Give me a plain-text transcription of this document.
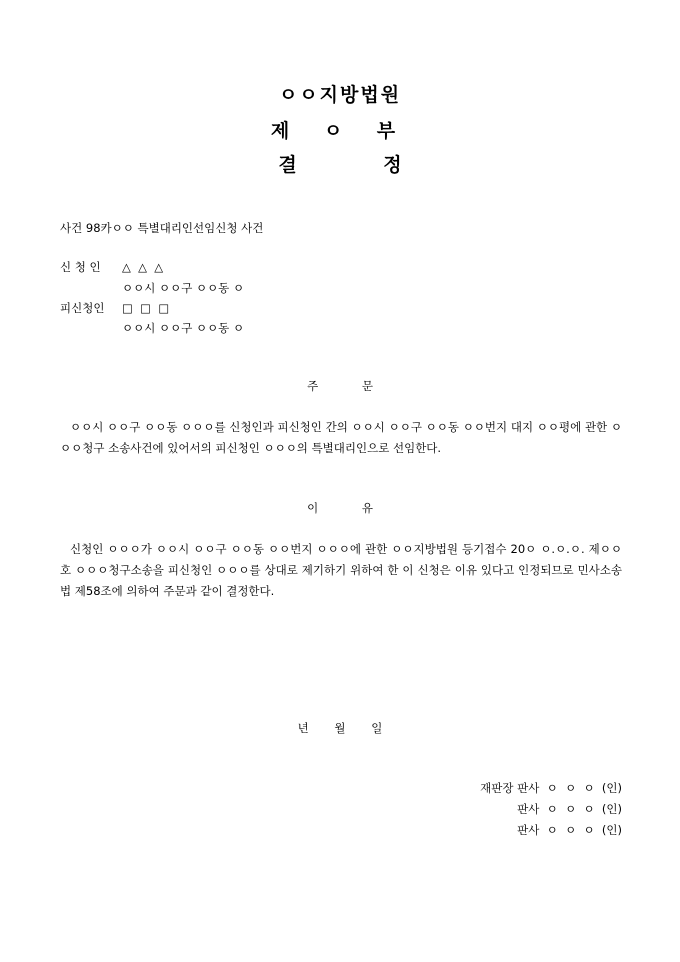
ㅇㅇ지방법원
제 ㅇ 부
결 정
사건 98카ㅇㅇ 특별대리인선임신청 사건
신 청 인 △  △  △
ㅇㅇ시 ㅇㅇ구 ㅇㅇ동 ㅇ
피신청인 □  □  □
ㅇㅇ시 ㅇㅇ구 ㅇㅇ동 ㅇ
주 문
ㅇㅇ시 ㅇㅇ구 ㅇㅇ동 ㅇㅇㅇ를 신청인과 피신청인 간의 ㅇㅇ시 ㅇㅇ구 ㅇㅇ동 ㅇㅇ번지 대지 ㅇㅇ평에 관한 ㅇㅇㅇ청구 소송사건에 있어서의 피신청인 ㅇㅇㅇ의 특별대리인으로 선임한다.
이 유
신청인 ㅇㅇㅇ가 ㅇㅇ시 ㅇㅇ구 ㅇㅇ동 ㅇㅇ번지 ㅇㅇㅇ에 관한 ㅇㅇ지방법원 등기접수 20ㅇ ㅇ.ㅇ.ㅇ. 제ㅇㅇ호 ㅇㅇㅇ청구소송을 피신청인 ㅇㅇㅇ를 상대로 제기하기 위하여 한 이 신청은 이유 있다고 인정되므로 민사소송법 제58조에 의하여 주문과 같이 결정한다.
년 월 일
재판장 판사  ㅇ  ㅇ  ㅇ  (인)
판사  ㅇ  ㅇ  ㅇ  (인)
판사  ㅇ  ㅇ  ㅇ  (인)
